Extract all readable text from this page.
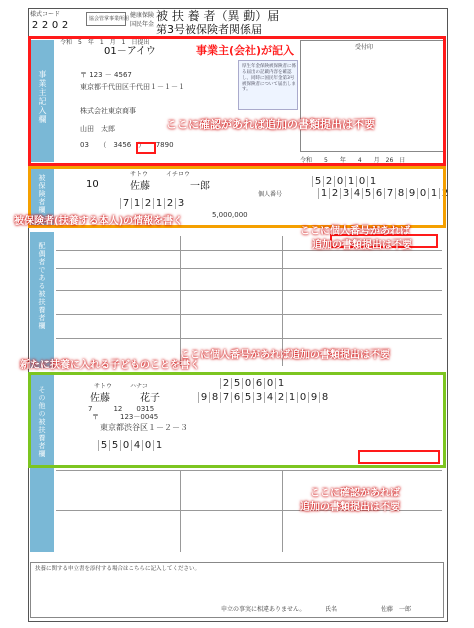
様式コード
2 2 0 2
協会管掌事業所用 健康保険
国民年金
被 扶 養 者（異 動）届
第3号被保険者関係届
事業主記入欄
被保険者欄
配偶者である被扶養者欄
その他の被扶養者欄
令和　5　年　1　月　1　日提出
01－アイウ
〒 123 － 4567
東京都千代田区千代田１－１－１
株式会社東京商事
山田　太郎
03　　（　3456　）　　7890
受付印
厚生年金保険被保険者に係る届出の記載内容を確認し、同時に国民年金第3号被保険者について届出します。
令和　　5　　年　　4　　月　26　日
10
サトウ　　　イチロウ
佐藤　　　　一郎
7 1 2 1 2 3
5,000,000
個人番号
5 2 0 1 0 1
1 2 3 4 5 6 7 8 9 0 1 2
サトウ　　　ハナコ
佐藤　　　花子
7　　　12　　0315
9 8 7 6 5 3 4 2 1 0 9 8
2 5 0 6 0 1
〒　　　123－0045
東京都渋谷区１－２－３
5 5 0 4 0 1
扶養に関する申立書を添付する場合はこちらに記入してください。
申立の事実に相違ありません。	氏名	佐藤　一郎
事業主(会社)が記入
ここに確認があれば追加の書類提出は不要
被保険者(扶養する本人)の情報を書く
ここに個人番号があれば
追加の書類提出は不要
新たに扶養に入れる子どものことを書く
ここに個人番号があれば追加の書類提出は不要
ここに確認があれば
追加の書類提出は不要
